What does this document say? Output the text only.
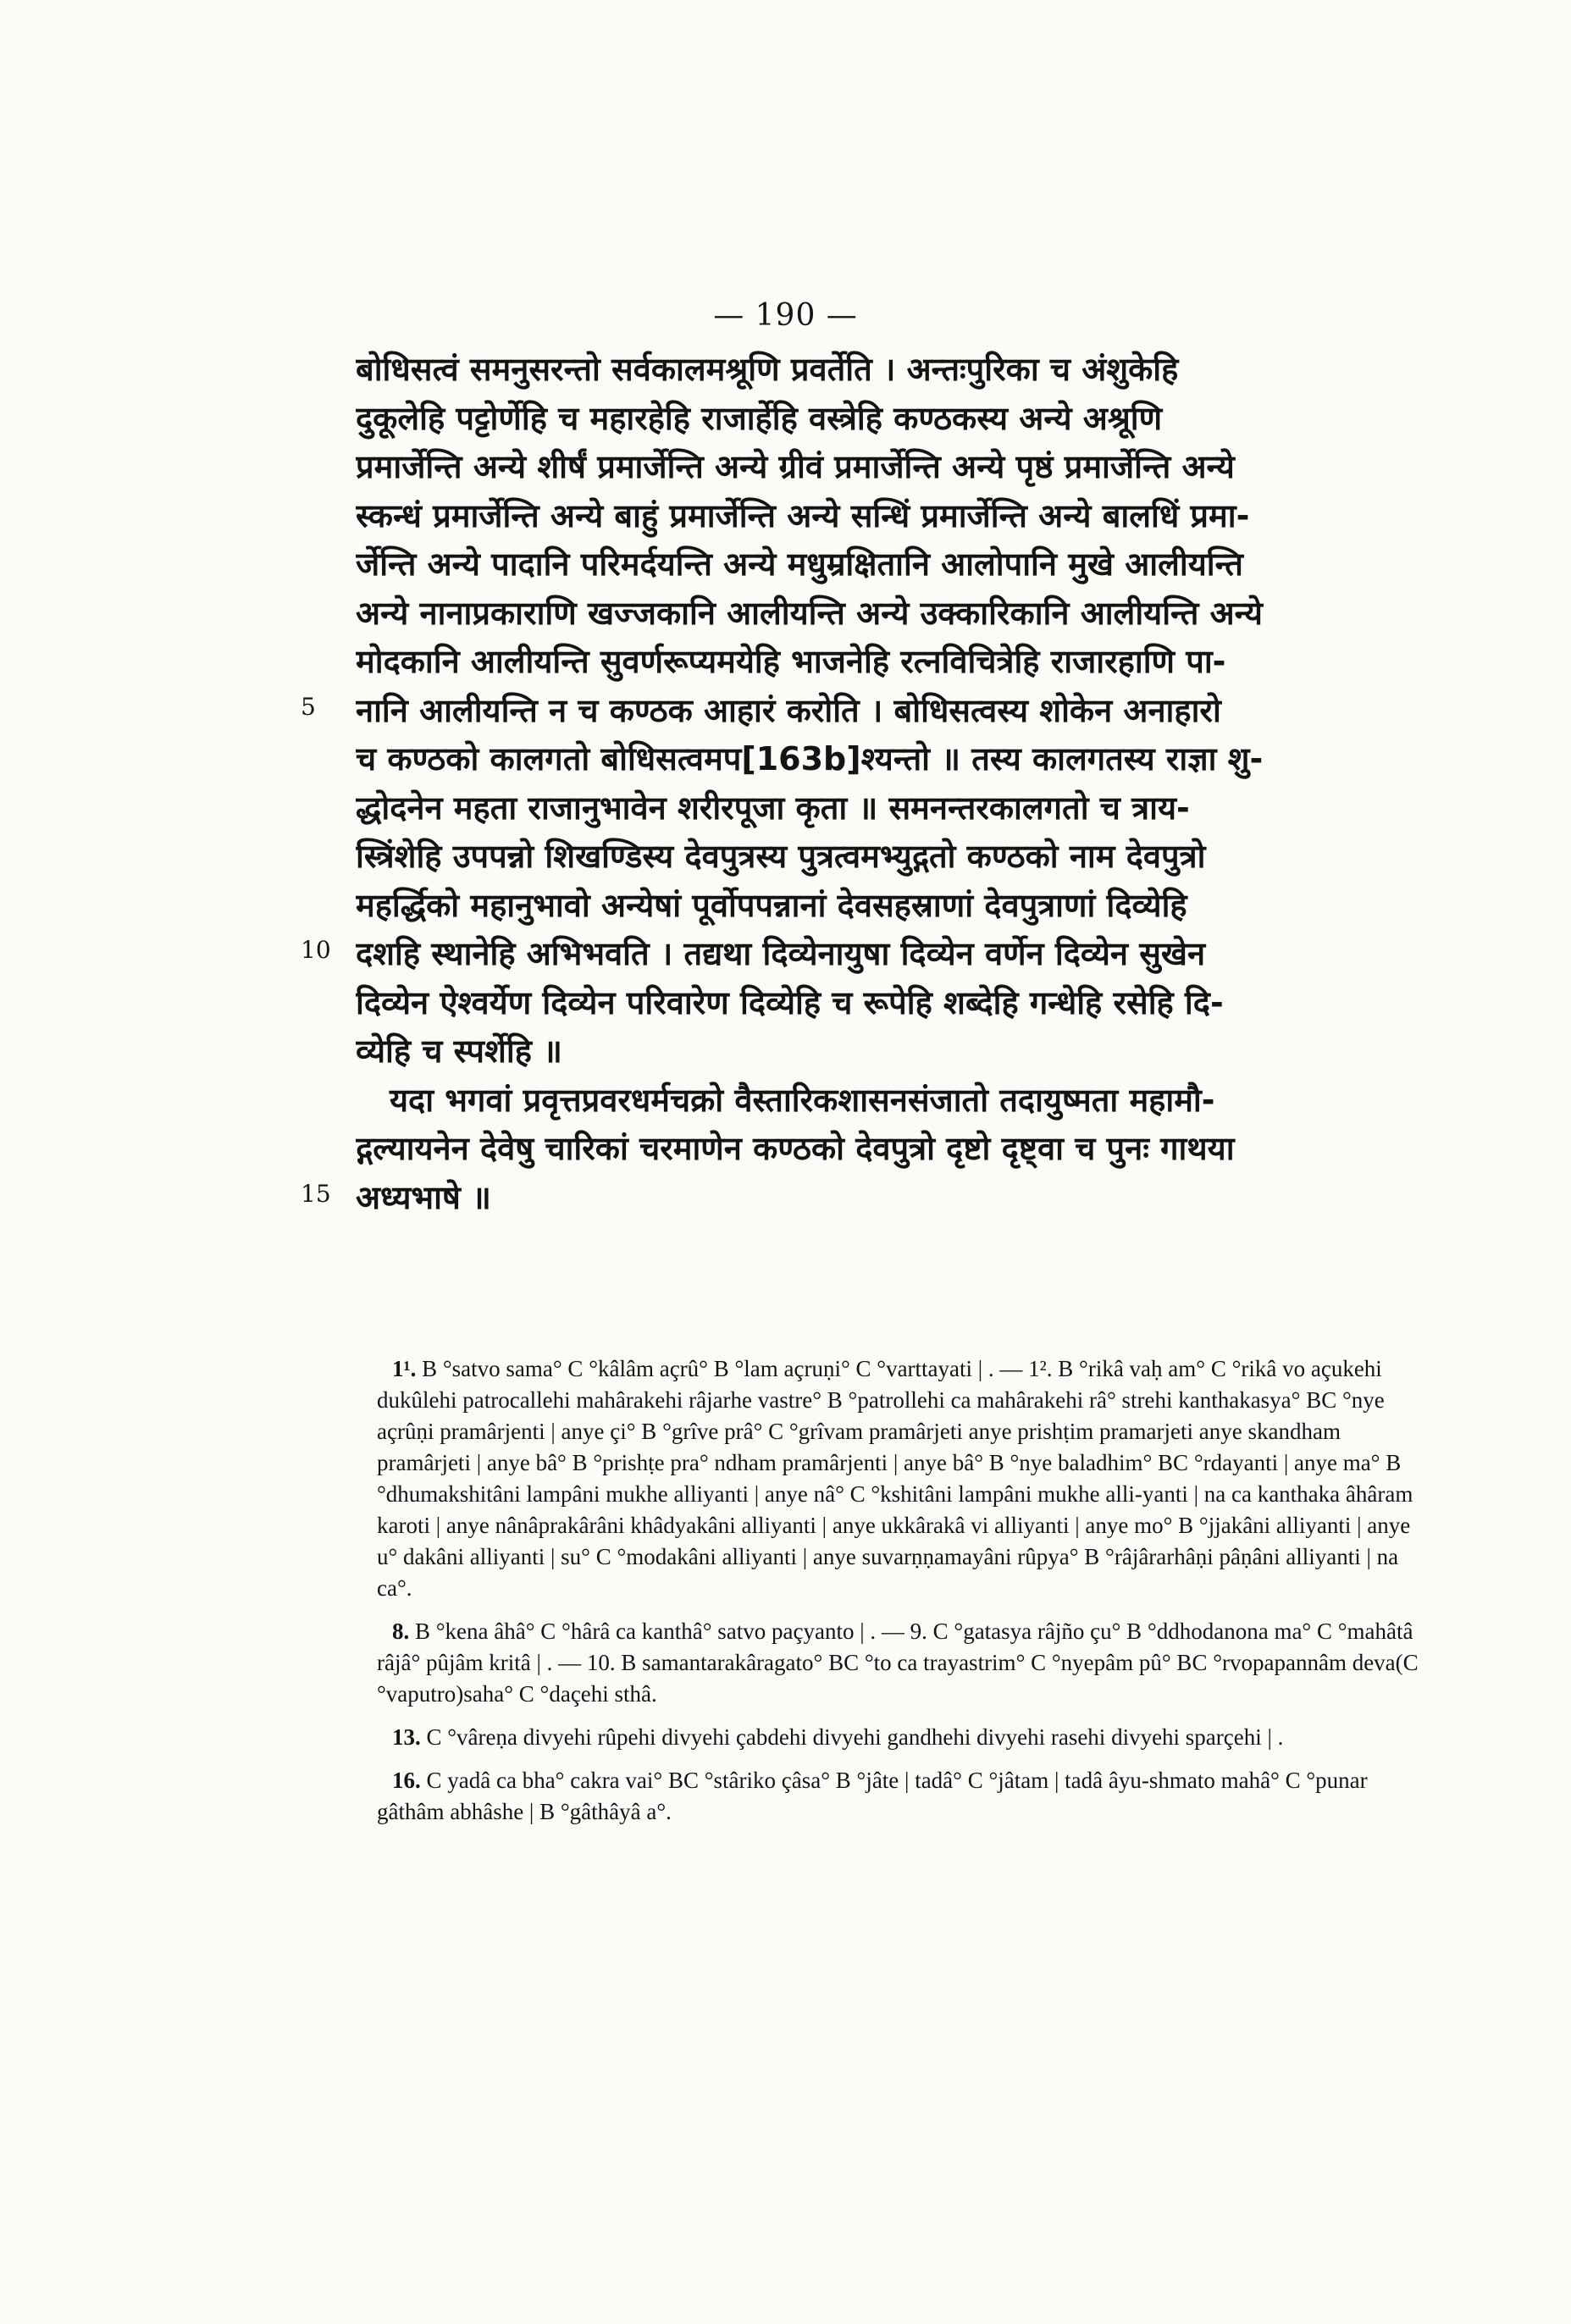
— 190 —
5
10
15
बोधिसत्वं समनुसरन्तो सर्वकालमश्रूणि प्रवर्तेति । अन्तःपुरिका च अंशुकेहि
दुकूलेहि पट्टोर्णेहि च महारहेहि राजार्हेहि वस्त्रेहि कण्ठकस्य अन्ये अश्रूणि
प्रमार्जेन्ति अन्ये शीर्षं प्रमार्जेन्ति अन्ये ग्रीवं प्रमार्जेन्ति अन्ये पृष्ठं प्रमार्जेन्ति अन्ये
स्कन्धं प्रमार्जेन्ति अन्ये बाहुं प्रमार्जेन्ति अन्ये सन्धिं प्रमार्जेन्ति अन्ये बालधिं प्रमा-
र्जेन्ति अन्ये पादानि परिमर्दयन्ति अन्ये मधुम्रक्षितानि आलोपानि मुखे आलीयन्ति
अन्ये नानाप्रकाराणि खज्जकानि आलीयन्ति अन्ये उक्कारिकानि आलीयन्ति अन्ये
मोदकानि आलीयन्ति सुवर्णरूप्यमयेहि भाजनेहि रत्नविचित्रेहि राजारहाणि पा-
नानि आलीयन्ति न च कण्ठक आहारं करोति । बोधिसत्वस्य शोकेन अनाहारो
च कण्ठको कालगतो बोधिसत्वमप[163b]श्यन्तो ॥ तस्य कालगतस्य राज्ञा शु-
द्धोदनेन महता राजानुभावेन शरीरपूजा कृता ॥ समनन्तरकालगतो च त्राय-
स्त्रिंशेहि उपपन्नो शिखण्डिस्य देवपुत्रस्य पुत्रत्वमभ्युद्गतो कण्ठको नाम देवपुत्रो
महर्द्धिको महानुभावो अन्येषां पूर्वोपपन्नानां देवसहस्राणां देवपुत्राणां दिव्येहि
दशहि स्थानेहि अभिभवति । तद्यथा दिव्येनायुषा दिव्येन वर्णेन दिव्येन सुखेन
दिव्येन ऐश्वर्येण दिव्येन परिवारेण दिव्येहि च रूपेहि शब्देहि गन्धेहि रसेहि दि-
व्येहि च स्पर्शेहि ॥
यदा भगवां प्रवृत्तप्रवरधर्मचक्रो वैस्तारिकशासनसंजातो तदायुष्मता महामौ-
द्गल्यायनेन देवेषु चारिकां चरमाणेन कण्ठको देवपुत्रो दृष्टो दृष्ट्वा च पुनः गाथया
अध्यभाषे ॥

1¹. B °satvo sama° C °kâlâm açrû° B °lam açruṇi° C °varttayati | . — 1². B °rikâ vaḥ am° C °rikâ vo açukehi dukûlehi patrocallehi mahârakehi râjarhe vastre° B °patrollehi ca mahârakehi râ° strehi kanthakasya° BC °nye açrûṇi pramârjenti | anye çi° B °grîve prâ° C °grîvam pramârjeti anye prishṭim pramarjeti anye skandham pramârjeti | anye bâ° B °prishṭe pra° ndham pramârjenti | anye bâ° B °nye baladhim° BC °rdayanti | anye ma° B °dhumakshitâni lampâni mukhe alliyanti | anye nâ° C °kshitâni lampâni mukhe alli-yanti | na ca kanthaka âhâram karoti | anye nânâprakârâni khâdyakâni alliyanti | anye ukkârakâ vi alliyanti | anye mo° B °jjakâni alliyanti | anye u° dakâni alliyanti | su° C °modakâni alliyanti | anye suvarṇṇamayâni rûpya° B °râjârarhâṇi pâṇâni alliyanti | na ca°.

8. B °kena âhâ° C °hârâ ca kanthâ° satvo paçyanto | . — 9. C °gatasya râjño çu° B °ddhodanona ma° C °mahâtâ râjâ° pûjâm kritâ | . — 10. B samantarakâragato° BC °to ca trayastrim° C °nyepâm pû° BC °rvopapannâm deva(C °vaputro)saha° C °daçehi sthâ.

13. C °vâreṇa divyehi rûpehi divyehi çabdehi divyehi gandhehi divyehi rasehi divyehi sparçehi | .

16. C yadâ ca bha° cakra vai° BC °stâriko çâsa° B °jâte | tadâ° C °jâtam | tadâ âyu-shmato mahâ° C °punar gâthâm abhâshe | B °gâthâyâ a°.
